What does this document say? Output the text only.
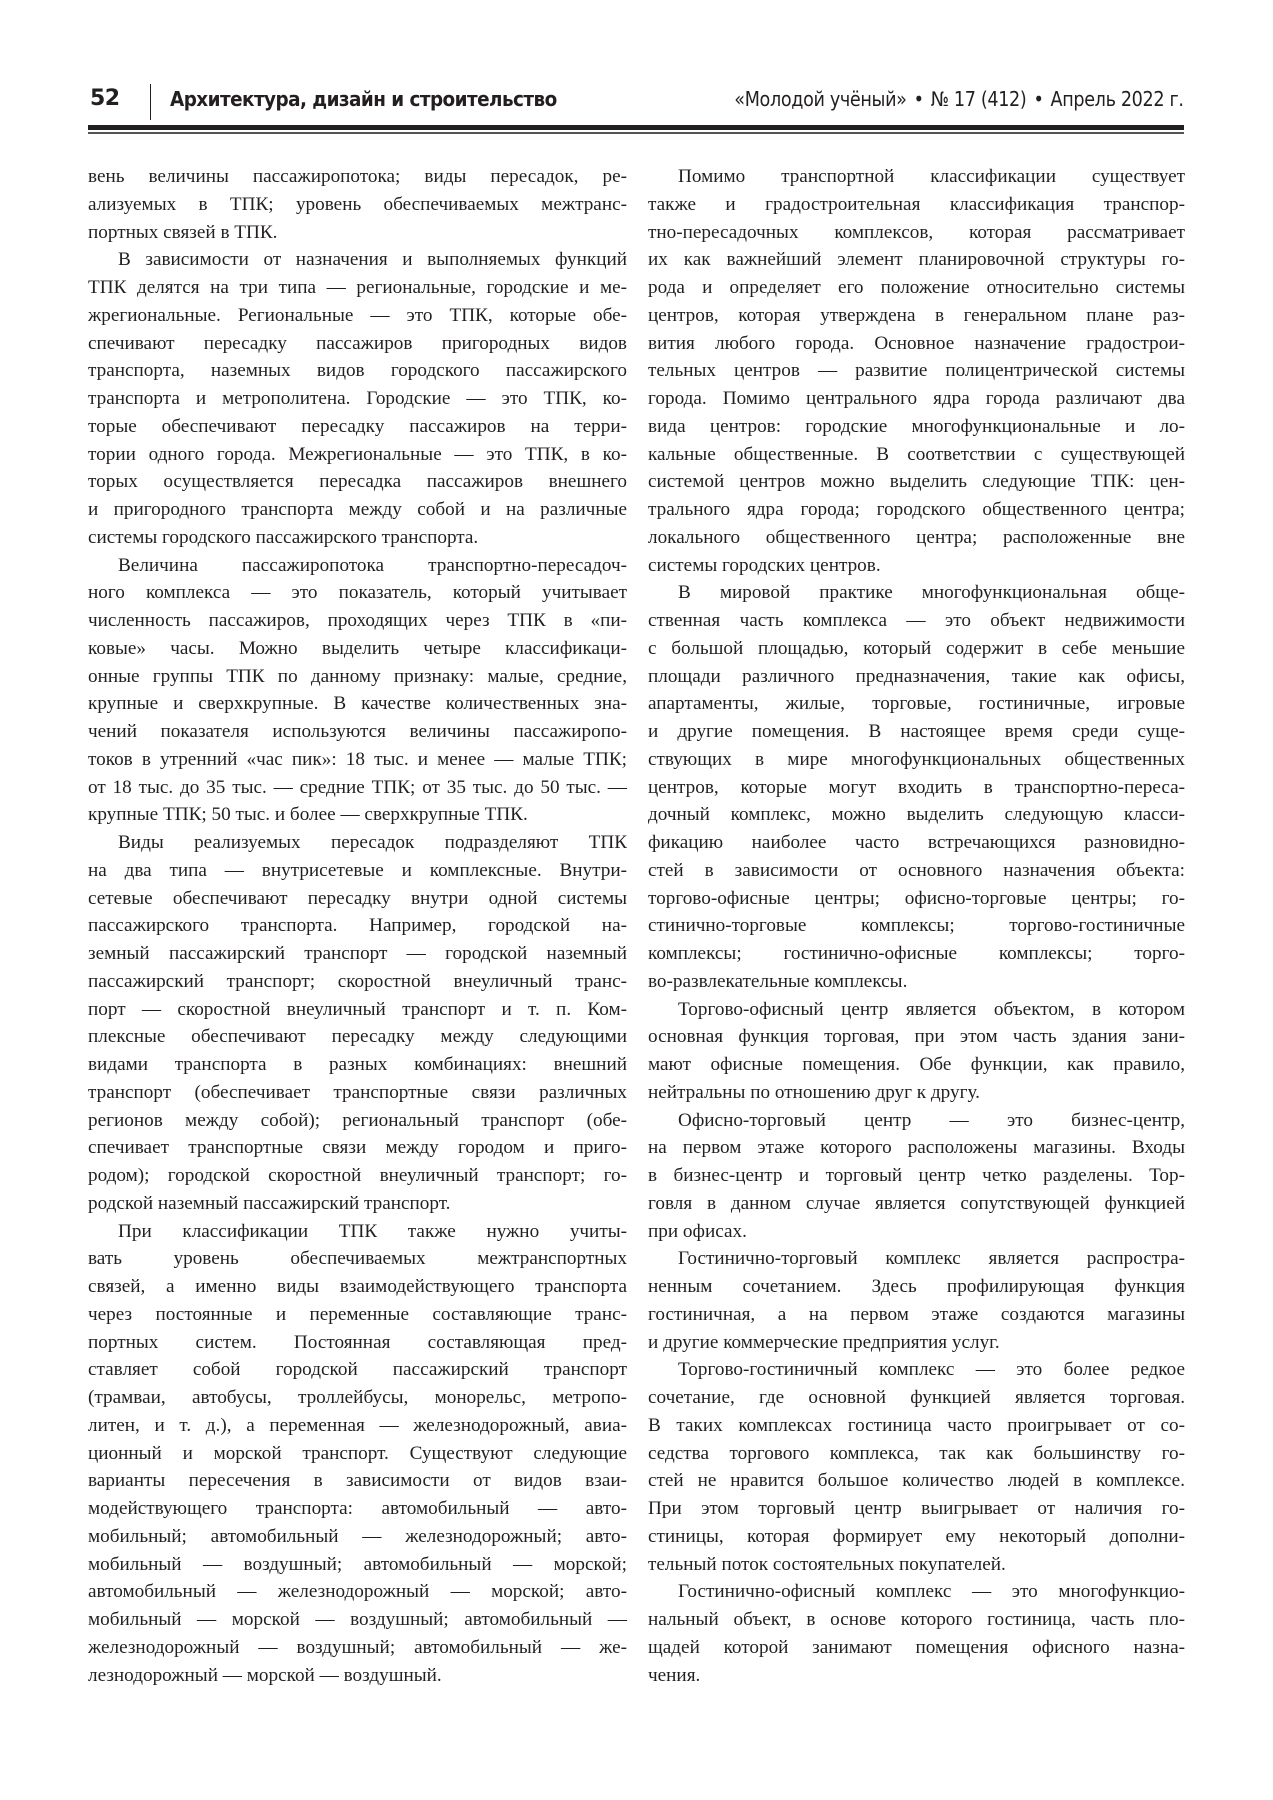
52	Архитектура, дизайн и строительство	«Молодой учёный» • № 17 (412) • Апрель 2022 г.
вень величины пассажиропотока; виды пересадок, ре-
ализуемых в ТПК; уровень обеспечиваемых межтранс-
портных связей в ТПК.
В зависимости от назначения и выполняемых функций
ТПК делятся на три типа — региональные, городские и ме-
жрегиональные. Региональные — это ТПК, которые обе-
спечивают пересадку пассажиров пригородных видов
транспорта, наземных видов городского пассажирского
транспорта и метрополитена. Городские — это ТПК, ко-
торые обеспечивают пересадку пассажиров на терри-
тории одного города. Межрегиональные — это ТПК, в ко-
торых осуществляется пересадка пассажиров внешнего
и пригородного транспорта между собой и на различные
системы городского пассажирского транспорта.
Величина пассажиропотока транспортно-пересадоч-
ного комплекса — это показатель, который учитывает
численность пассажиров, проходящих через ТПК в «пи-
ковые» часы. Можно выделить четыре классификаци-
онные группы ТПК по данному признаку: малые, средние,
крупные и сверхкрупные. В качестве количественных зна-
чений показателя используются величины пассажиропо-
токов в утренний «час пик»: 18 тыс. и менее — малые ТПК;
от 18 тыс. до 35 тыс. — средние ТПК; от 35 тыс. до 50 тыс. —
крупные ТПК; 50 тыс. и более — сверхкрупные ТПК.
Виды реализуемых пересадок подразделяют ТПК
на два типа — внутрисетевые и комплексные. Внутри-
сетевые обеспечивают пересадку внутри одной системы
пассажирского транспорта. Например, городской на-
земный пассажирский транспорт — городской наземный
пассажирский транспорт; скоростной внеуличный транс-
порт — скоростной внеуличный транспорт и т. п. Ком-
плексные обеспечивают пересадку между следующими
видами транспорта в разных комбинациях: внешний
транспорт (обеспечивает транспортные связи различных
регионов между собой); региональный транспорт (обе-
спечивает транспортные связи между городом и приго-
родом); городской скоростной внеуличный транспорт; го-
родской наземный пассажирский транспорт.
При классификации ТПК также нужно учиты-
вать уровень обеспечиваемых межтранспортных
связей, а именно виды взаимодействующего транспорта
через постоянные и переменные составляющие транс-
портных систем. Постоянная составляющая пред-
ставляет собой городской пассажирский транспорт
(трамваи, автобусы, троллейбусы, монорельс, метропо-
литен, и т. д.), а переменная — железнодорожный, авиа-
ционный и морской транспорт. Существуют следующие
варианты пересечения в зависимости от видов взаи-
модействующего транспорта: автомобильный — авто-
мобильный; автомобильный — железнодорожный; авто-
мобильный — воздушный; автомобильный — морской;
автомобильный — железнодорожный — морской; авто-
мобильный — морской — воздушный; автомобильный —
железнодорожный — воздушный; автомобильный — же-
лезнодорожный — морской — воздушный.
Помимо транспортной классификации существует
также и градостроительная классификация транспор-
тно-пересадочных комплексов, которая рассматривает
их как важнейший элемент планировочной структуры го-
рода и определяет его положение относительно системы
центров, которая утверждена в генеральном плане раз-
вития любого города. Основное назначение градострои-
тельных центров — развитие полицентрической системы
города. Помимо центрального ядра города различают два
вида центров: городские многофункциональные и ло-
кальные общественные. В соответствии с существующей
системой центров можно выделить следующие ТПК: цен-
трального ядра города; городского общественного центра;
локального общественного центра; расположенные вне
системы городских центров.
В мировой практике многофункциональная обще-
ственная часть комплекса — это объект недвижимости
с большой площадью, который содержит в себе меньшие
площади различного предназначения, такие как офисы,
апартаменты, жилые, торговые, гостиничные, игровые
и другие помещения. В настоящее время среди суще-
ствующих в мире многофункциональных общественных
центров, которые могут входить в транспортно-переса-
дочный комплекс, можно выделить следующую класси-
фикацию наиболее часто встречающихся разновидно-
стей в зависимости от основного назначения объекта:
торгово-офисные центры; офисно-торговые центры; го-
стинично-торговые комплексы; торгово-гостиничные
комплексы; гостинично-офисные комплексы; торго-
во-развлекательные комплексы.
Торгово-офисный центр является объектом, в котором
основная функция торговая, при этом часть здания зани-
мают офисные помещения. Обе функции, как правило,
нейтральны по отношению друг к другу.
Офисно-торговый центр — это бизнес-центр,
на первом этаже которого расположены магазины. Входы
в бизнес-центр и торговый центр четко разделены. Тор-
говля в данном случае является сопутствующей функцией
при офисах.
Гостинично-торговый комплекс является распростра-
ненным сочетанием. Здесь профилирующая функция
гостиничная, а на первом этаже создаются магазины
и другие коммерческие предприятия услуг.
Торгово-гостиничный комплекс — это более редкое
сочетание, где основной функцией является торговая.
В таких комплексах гостиница часто проигрывает от со-
седства торгового комплекса, так как большинству го-
стей не нравится большое количество людей в комплексе.
При этом торговый центр выигрывает от наличия го-
стиницы, которая формирует ему некоторый дополни-
тельный поток состоятельных покупателей.
Гостинично-офисный комплекс — это многофункцио-
нальный объект, в основе которого гостиница, часть пло-
щадей которой занимают помещения офисного назна-
чения.
